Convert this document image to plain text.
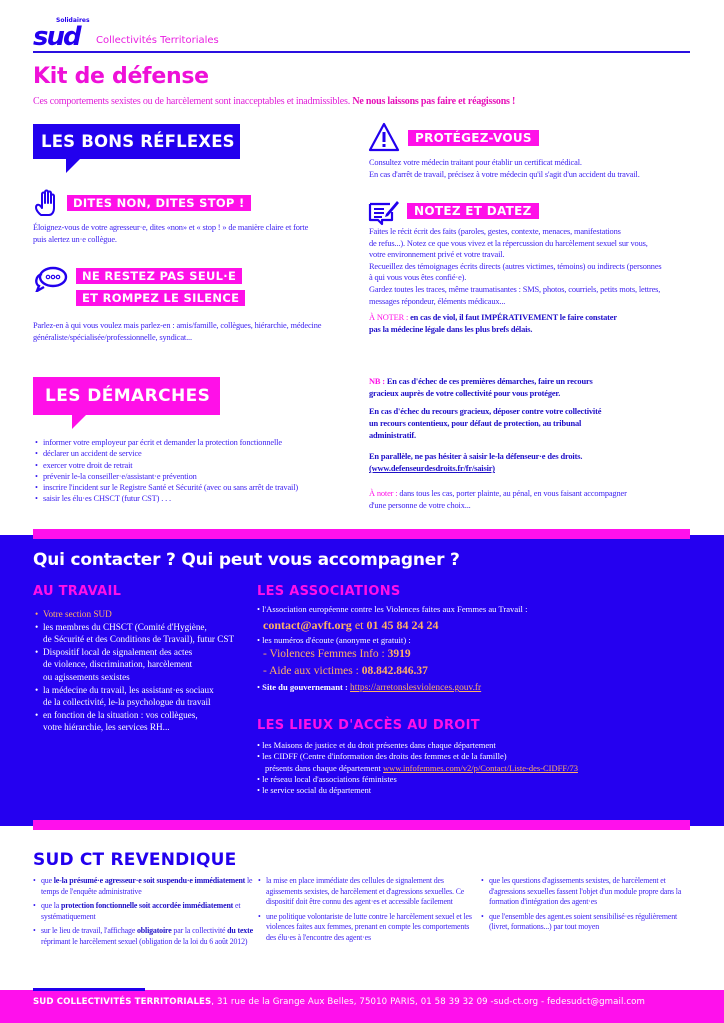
Solidaires
sud Collectivités Territoriales
Kit de défense
Ces comportements sexistes ou de harcèlement sont inacceptables et inadmissibles. Ne nous laissons pas faire et réagissons !
LES BONS RÉFLEXES
DITES NON, DITES STOP !
Éloignez-vous de votre agresseur·e, dites «non» et « stop ! » de manière claire et forte puis alertez un·e collègue.
NE RESTEZ PAS SEUL·E
ET ROMPEZ LE SILENCE
Parlez-en à qui vous voulez mais parlez-en : amis/famille, collègues, hiérarchie, médecine généraliste/spécialisée/professionnelle, syndicat...
PROTÉGEZ-VOUS
Consultez votre médecin traitant pour établir un certificat médical.
En cas d'arrêt de travail, précisez à votre médecin qu'il s'agit d'un accident du travail.
NOTEZ ET DATEZ
Faites le récit écrit des faits (paroles, gestes, contexte, menaces, manifestations
de refus...). Notez ce que vous vivez et la répercussion du harcèlement sexuel sur vous,
votre environnement privé et votre travail.
Recueillez des témoignages écrits directs (autres victimes, témoins) ou indirects (personnes
à qui vous vous êtes confié·e).
Gardez toutes les traces, même traumatisantes : SMS, photos, courriels, petits mots, lettres,
messages répondeur, éléments médicaux...
À NOTER : en cas de viol, il faut IMPÉRATIVEMENT le faire constater
pas la médecine légale dans les plus brefs délais.
LES DÉMARCHES
• informer votre employeur par écrit et demander la protection fonctionnelle
• déclarer un accident de service
• exercer votre droit de retrait
• prévenir le-la conseiller·e/assistant·e prévention
• inscrire l'incident sur le Registre Santé et Sécurité (avec ou sans arrêt de travail)
• saisir les élu·es CHSCT (futur CST) . . .
NB : En cas d'échec de ces premières démarches, faire un recours
gracieux auprès de votre collectivité pour vous protéger.
En cas d'échec du recours gracieux, déposer contre votre collectivité
un recours contentieux, pour défaut de protection, au tribunal
administratif.
En parallèle, ne pas hésiter à saisir le-la défenseur·e des droits.
(www.defenseurdesdroits.fr/fr/saisir)
À noter : dans tous les cas, porter plainte, au pénal, en vous faisant accompagner
d'une personne de votre choix...
Qui contacter ? Qui peut vous accompagner ?
AU TRAVAIL
• Votre section SUD
• les membres du CHSCT (Comité d'Hygiène,
de Sécurité et des Conditions de Travail), futur CST
• Dispositif local de signalement des actes
de violence, discrimination, harcèlement
ou agissements sexistes
• la médecine du travail, les assistant·es sociaux
de la collectivité, le-la psychologue du travail
• en fonction de la situation : vos collègues,
votre hiérarchie, les services RH...
LES ASSOCIATIONS
• l'Association européenne contre les Violences faites aux Femmes au Travail :
contact@avft.org et 01 45 84 24 24
• les numéros d'écoute (anonyme et gratuit) :
- Violences Femmes Info : 3919
- Aide aux victimes : 08.842.846.37
• Site du gouvernemant : https://arretonslesviolences.gouv.fr
LES LIEUX D'ACCÈS AU DROIT
• les Maisons de justice et du droit présentes dans chaque département
• les CIDFF (Centre d'information des droits des femmes et de la famille)
présents dans chaque département www.infofemmes.com/v2/p/Contact/Liste-des-CIDFF/73
• le réseau local d'associations féministes
• le service social du département
SUD CT REVENDIQUE
• que le-la présumé·e agresseur·e soit suspendu·e immédiatement le temps de l'enquête administrative
• que la protection fonctionnelle soit accordée immédiatement et systématiquement
• sur le lieu de travail, l'affichage obligatoire par la collectivité du texte réprimant le harcèlement sexuel (obligation de la loi du 6 août 2012)
• la mise en place immédiate des cellules de signalement des agissements sexistes, de harcèlement et d'agressions sexuelles. Ce dispositif doit être connu des agent·es et accessible facilement
• une politique volontariste de lutte contre le harcèlement sexuel et les violences faites aux femmes, prenant en compte les comportements des élu·es à l'encontre des agent·es
• que les questions d'agissements sexistes, de harcèlement et d'agressions sexuelles fassent l'objet d'un module propre dans la formation d'intégration des agent·es
• que l'ensemble des agent.es soient sensibilisé·es régulièrement (livret, formations...) par tout moyen
SUD COLLECTIVITÉS TERRITORIALES, 31 rue de la Grange Aux Belles, 75010 PARIS, 01 58 39 32 09 -sud-ct.org - fedesudct@gmail.com
